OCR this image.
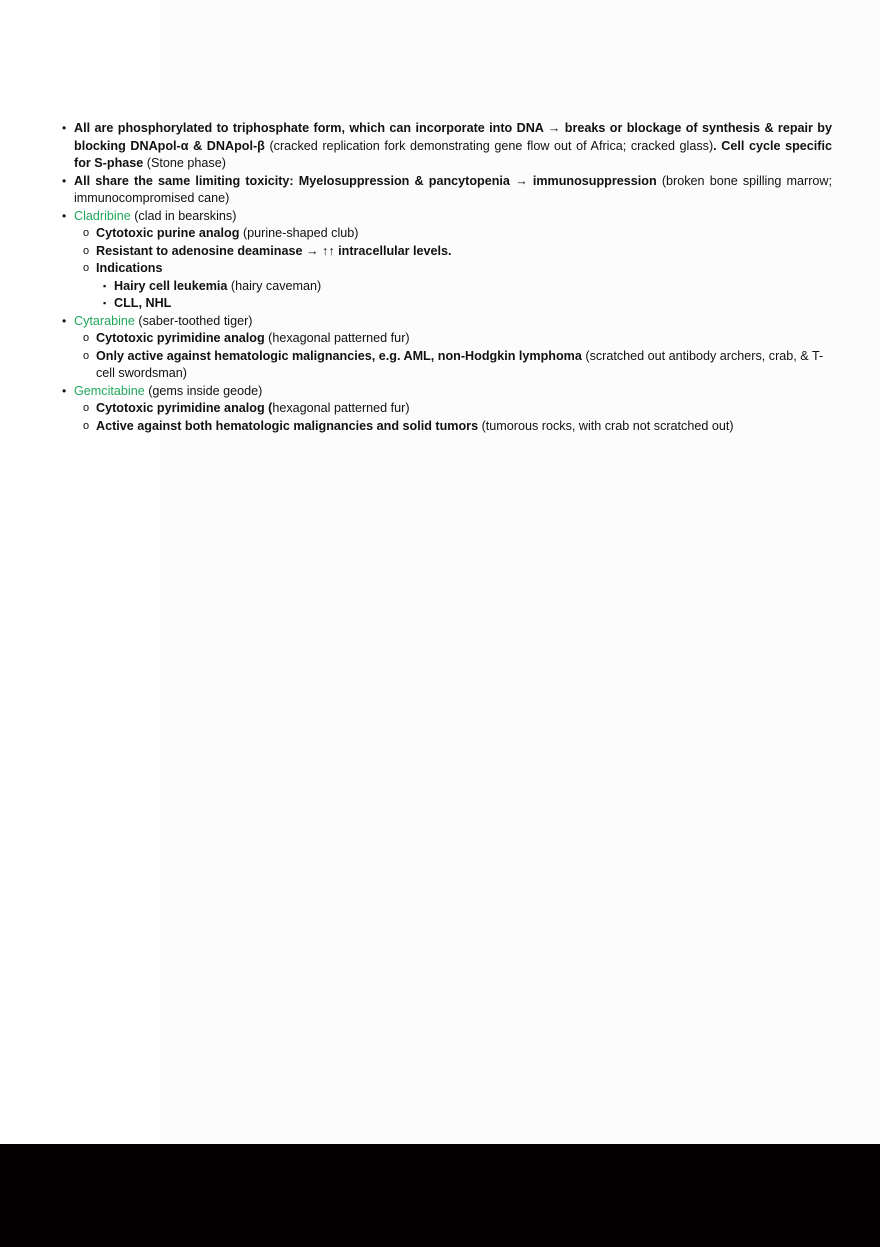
• All are phosphorylated to triphosphate form, which can incorporate into DNA → breaks or blockage of synthesis & repair by blocking DNApol-α & DNApol-β (cracked replication fork demonstrating gene flow out of Africa; cracked glass). Cell cycle specific for S-phase (Stone phase)
• All share the same limiting toxicity: Myelosuppression & pancytopenia → immunosuppression (broken bone spilling marrow; immunocompromised cane)
• Cladribine (clad in bearskins)
o Cytotoxic purine analog (purine-shaped club)
o Resistant to adenosine deaminase → ↑↑ intracellular levels.
o Indications
▪ Hairy cell leukemia (hairy caveman)
▪ CLL, NHL
• Cytarabine (saber-toothed tiger)
o Cytotoxic pyrimidine analog (hexagonal patterned fur)
o Only active against hematologic malignancies, e.g. AML, non-Hodgkin lymphoma (scratched out antibody archers, crab, & T-cell swordsman)
• Gemcitabine (gems inside geode)
o Cytotoxic pyrimidine analog (hexagonal patterned fur)
o Active against both hematologic malignancies and solid tumors (tumorous rocks, with crab not scratched out)
